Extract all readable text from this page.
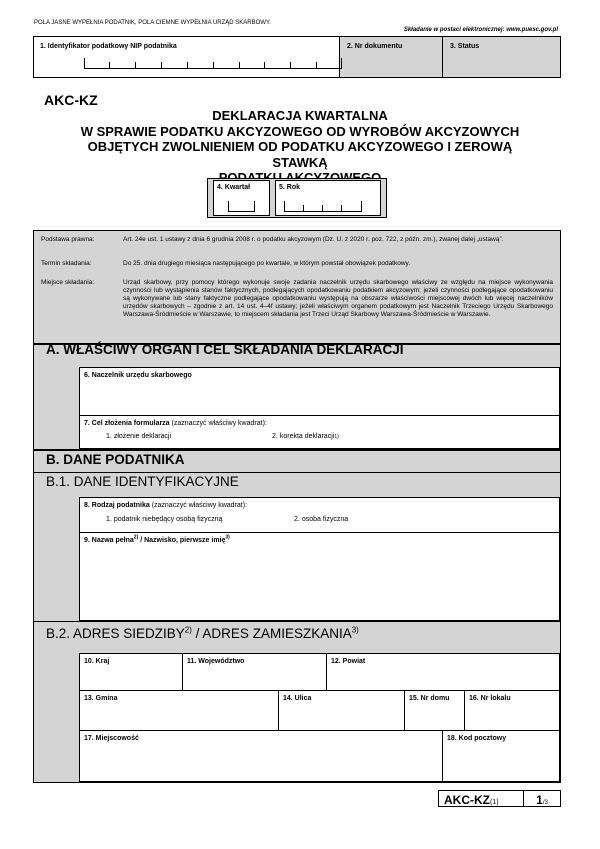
POLA JASNE WYPEŁNIA PODATNIK, POLA CIEMNE WYPEŁNIA URZĄD SKARBOWY.
Składanie w postaci elektronicznej: www.puesc.gov.pl
1. Identyfikator podatkowy NIP podatnika	2. Nr dokumentu	3. Status
AKC-KZ
DEKLARACJA KWARTALNA
W SPRAWIE PODATKU AKCYZOWEGO OD WYROBÓW AKCYZOWYCH
OBJĘTYCH ZWOLNIENIEM OD PODATKU AKCYZOWEGO I ZEROWĄ STAWKĄ
4. Kwartał	5. Rok
Podstawa prawna:	Art. 24e ust. 1 ustawy z dnia 6 grudnia 2008 r. o podatku akcyzowym (Dz. U. z 2020 r. poz. 722, z późn. zm.), zwanej dalej „ustawą”.
Termin składania:	Do 25. dnia drugiego miesiąca następującego po kwartale, w którym powstał obowiązek podatkowy.
Miejsce składania:	Urząd skarbowy, przy pomocy którego wykonuje swoje zadania naczelnik urzędu skarbowego właściwy ze względu na miejsce wykonywania czynności lub wystąpienia stanów faktycznych, podlegających opodatkowaniu podatkiem akcyzowym; jeżeli czynności podlegające opodatkowaniu są wykonywane lub stany faktyczne podlegające opodatkowaniu występują na obszarze właściwości miejscowej dwóch lub więcej naczelników urzędów skarbowych – zgodnie z art. 14 ust. 4–4f ustawy; jeżeli właściwym organem podatkowym jest Naczelnik Trzeciego Urzędu Skarbowego Warszawa-Śródmieście w Warszawie, to miejscem składania jest Trzeci Urząd Skarbowy Warszawa-Śródmieście w Warszawie.
A. WŁAŚCIWY ORGAN I CEL SKŁADANIA DEKLARACJI
6. Naczelnik urzędu skarbowego
7. Cel złożenia formularza (zaznaczyć właściwy kwadrat):
1. złożenie deklaracji	2. korekta deklaracji 1)
B. DANE PODATNIKA
B.1. DANE IDENTYFIKACYJNE
8. Rodzaj podatnika (zaznaczyć właściwy kwadrat):
1. podatnik niebędący osobą fizyczną	2. osoba fizyczna
9. Nazwa pełna$^{2)}$ / Nazwisko, pierwsze imię$^{3)}$
B.2. ADRES SIEDZIBY$^{2)}$ / ADRES ZAMIESZKANIA$^{3)}$
10. Kraj	11. Województwo	12. Powiat
13. Gmina	14. Ulica	15. Nr domu	16. Nr lokalu
17. Miejscowość	18. Kod pocztowy
AKC-KZ(1)	1/3
